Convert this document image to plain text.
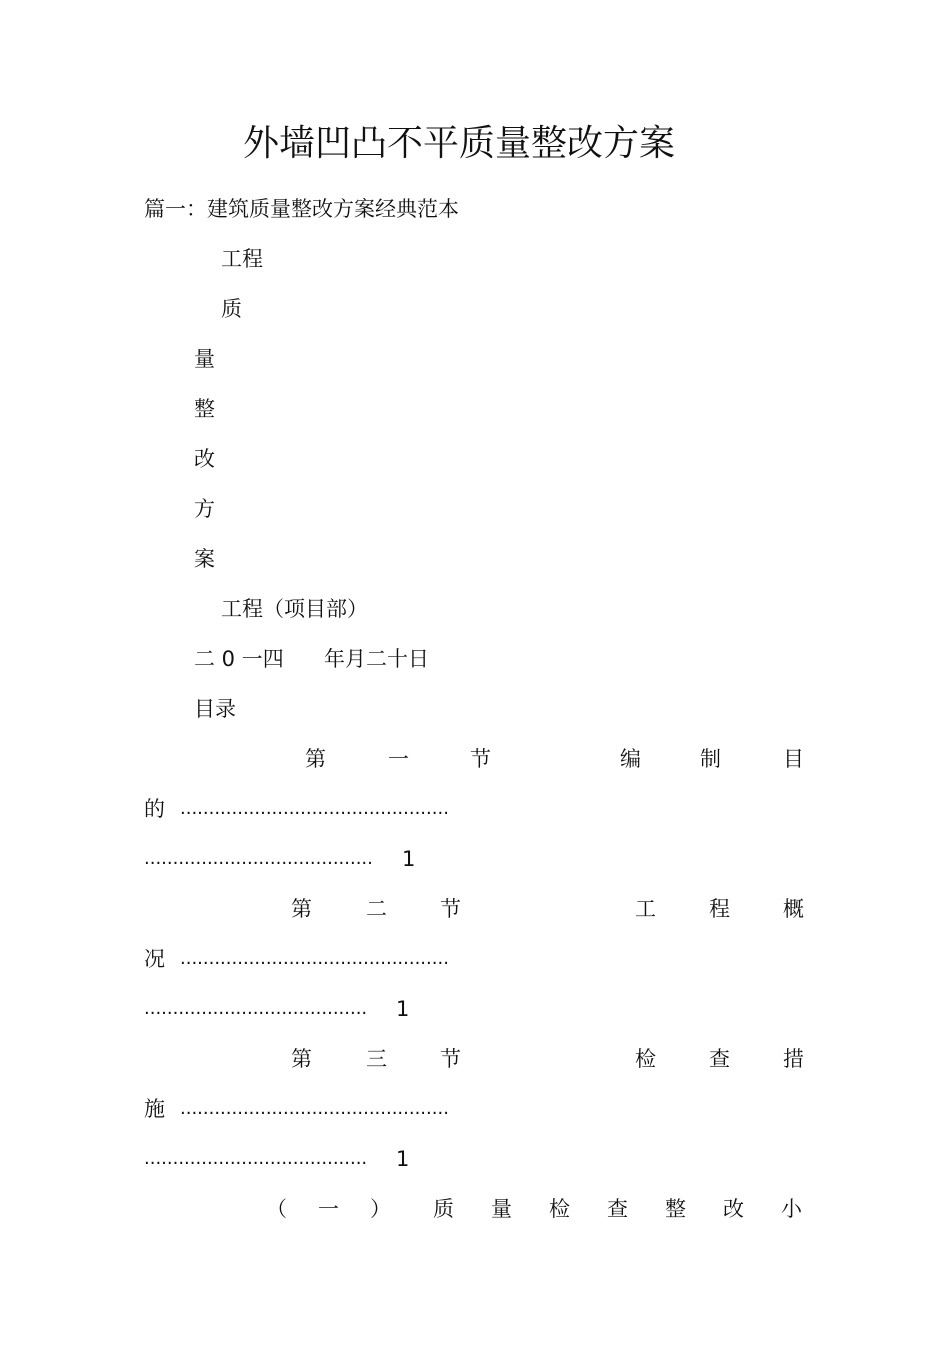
外墙凹凸不平质量整改方案
篇一：建筑质量整改方案经典范本
工程
质
量
整
改
方
案
工程（项目部）
二 0 一四 年月二十日
目录
第	一	节	编	制	目
的 ...............................................
........................................ 1
第	二	节	工	程	概
况 ...............................................
....................................... 1
第	三	节	检	查	措
施 ...............................................
....................................... 1
（ 一 ） 质 量 检 查 整 改 小
